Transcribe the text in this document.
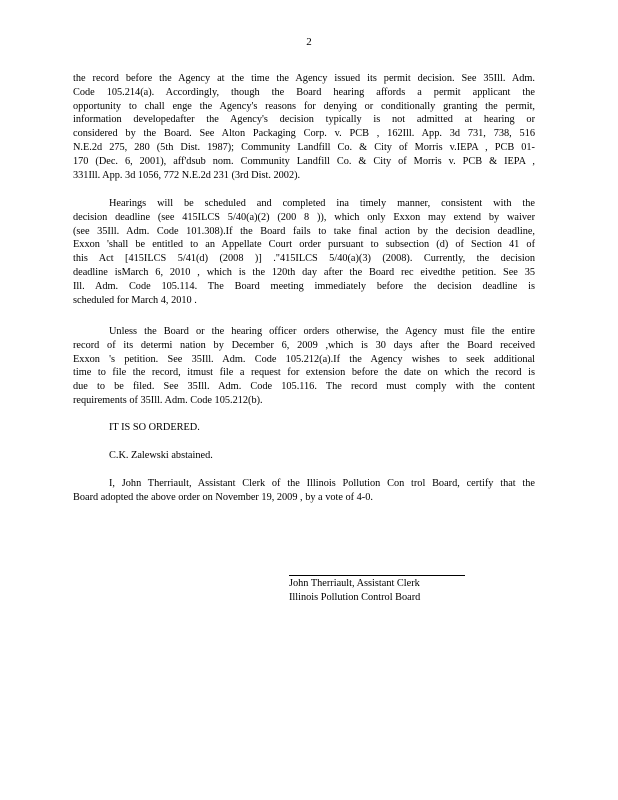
2
the record before the Agency at the time the Agency issued its permit decision. See 35Ill. Adm.
Code 105.214(a). Accordingly, though the Board hearing affords a permit applicant the
opportunity to chall enge the Agency's reasons for denying or conditionally granting the permit,
information developedafter the Agency's decision typically is not admitted at hearing or
considered by the Board. See Alton Packaging Corp. v. PCB , 162Ill. App. 3d 731, 738, 516
N.E.2d 275, 280 (5th Dist. 1987); Community Landfill Co. & City of Morris v.IEPA , PCB 01-
170 (Dec. 6, 2001), aff'dsub nom. Community Landfill Co. & City of Morris v. PCB & IEPA ,
331Ill. App. 3d 1056, 772 N.E.2d 231 (3rd Dist. 2002).
Hearings will be scheduled and completed ina timely manner, consistent with the
decision deadline (see 415ILCS 5/40(a)(2) (200 8 )), which only Exxon may extend by waiver
(see 35Ill. Adm. Code 101.308).If the Board fails to take final action by the decision deadline,
Exxon 'shall be entitled to an Appellate Court order pursuant to subsection (d) of Section 41 of
this Act [415ILCS 5/41(d) (2008 )] ."415ILCS 5/40(a)(3) (2008). Currently, the decision
deadline isMarch 6, 2010 , which is the 120th day after the Board rec eivedthe petition. See 35
Ill. Adm. Code 105.114. The Board meeting immediately before the decision deadline is
scheduled for March 4, 2010 .
Unless the Board or the hearing officer orders otherwise, the Agency must file the entire
record of its determi nation by December 6, 2009 ,which is 30 days after the Board received
Exxon 's petition. See 35Ill. Adm. Code 105.212(a).If the Agency wishes to seek additional
time to file the record, itmust file a request for extension before the date on which the record is
due to be filed. See 35Ill. Adm. Code 105.116. The record must comply with the content
requirements of 35Ill. Adm. Code 105.212(b).
IT IS SO ORDERED.
C.K. Zalewski abstained.
I, John Therriault, Assistant Clerk of the Illinois Pollution Con trol Board, certify that the
Board adopted the above order on November 19, 2009 , by a vote of 4-0.
John Therriault, Assistant Clerk
Illinois Pollution Control Board
